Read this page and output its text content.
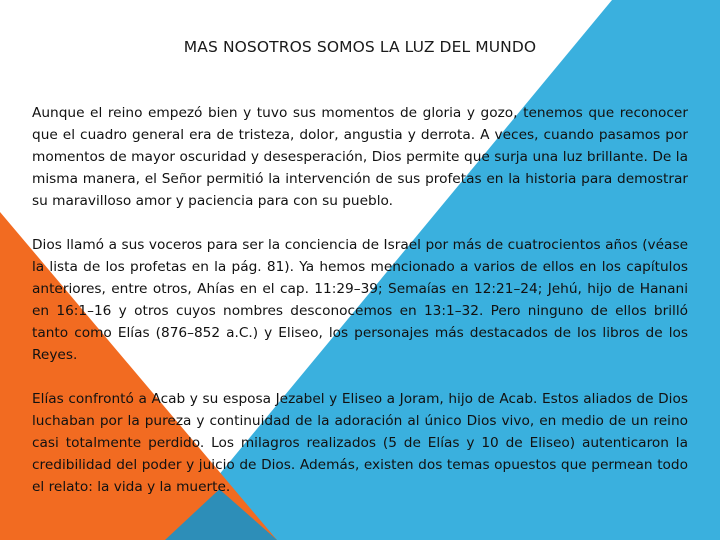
MAS NOSOTROS SOMOS LA LUZ DEL MUNDO

Aunque el reino empezó bien y tuvo sus momentos de gloria y gozo, tenemos que reconocer que el cuadro general era de tristeza, dolor, angustia y derrota. A veces, cuando pasamos por momentos de mayor oscuridad y desesperación, Dios permite que surja una luz brillante. De la misma manera, el Señor permitió la intervención de sus profetas en la historia para demostrar su maravilloso amor y paciencia para con su pueblo.

Dios llamó a sus voceros para ser la conciencia de Israel por más de cuatrocientos años (véase la lista de los profetas en la pág. 81). Ya hemos mencionado a varios de ellos en los capítulos anteriores, entre otros, Ahías en el cap. 11:29–39; Semaías en 12:21–24; Jehú, hijo de Hanani en 16:1–16 y otros cuyos nombres desconocemos en 13:1–32. Pero ninguno de ellos brilló tanto como Elías (876–852 a.C.) y Eliseo, los personajes más destacados de los libros de los Reyes.

Elías confrontó a Acab y su esposa Jezabel y Eliseo a Joram, hijo de Acab. Estos aliados de Dios luchaban por la pureza y continuidad de la adoración al único Dios vivo, en medio de un reino casi totalmente perdido. Los milagros realizados (5 de Elías y 10 de Eliseo) autenticaron la credibilidad del poder y juicio de Dios. Además, existen dos temas opuestos que permean todo el relato: la vida y la muerte.
